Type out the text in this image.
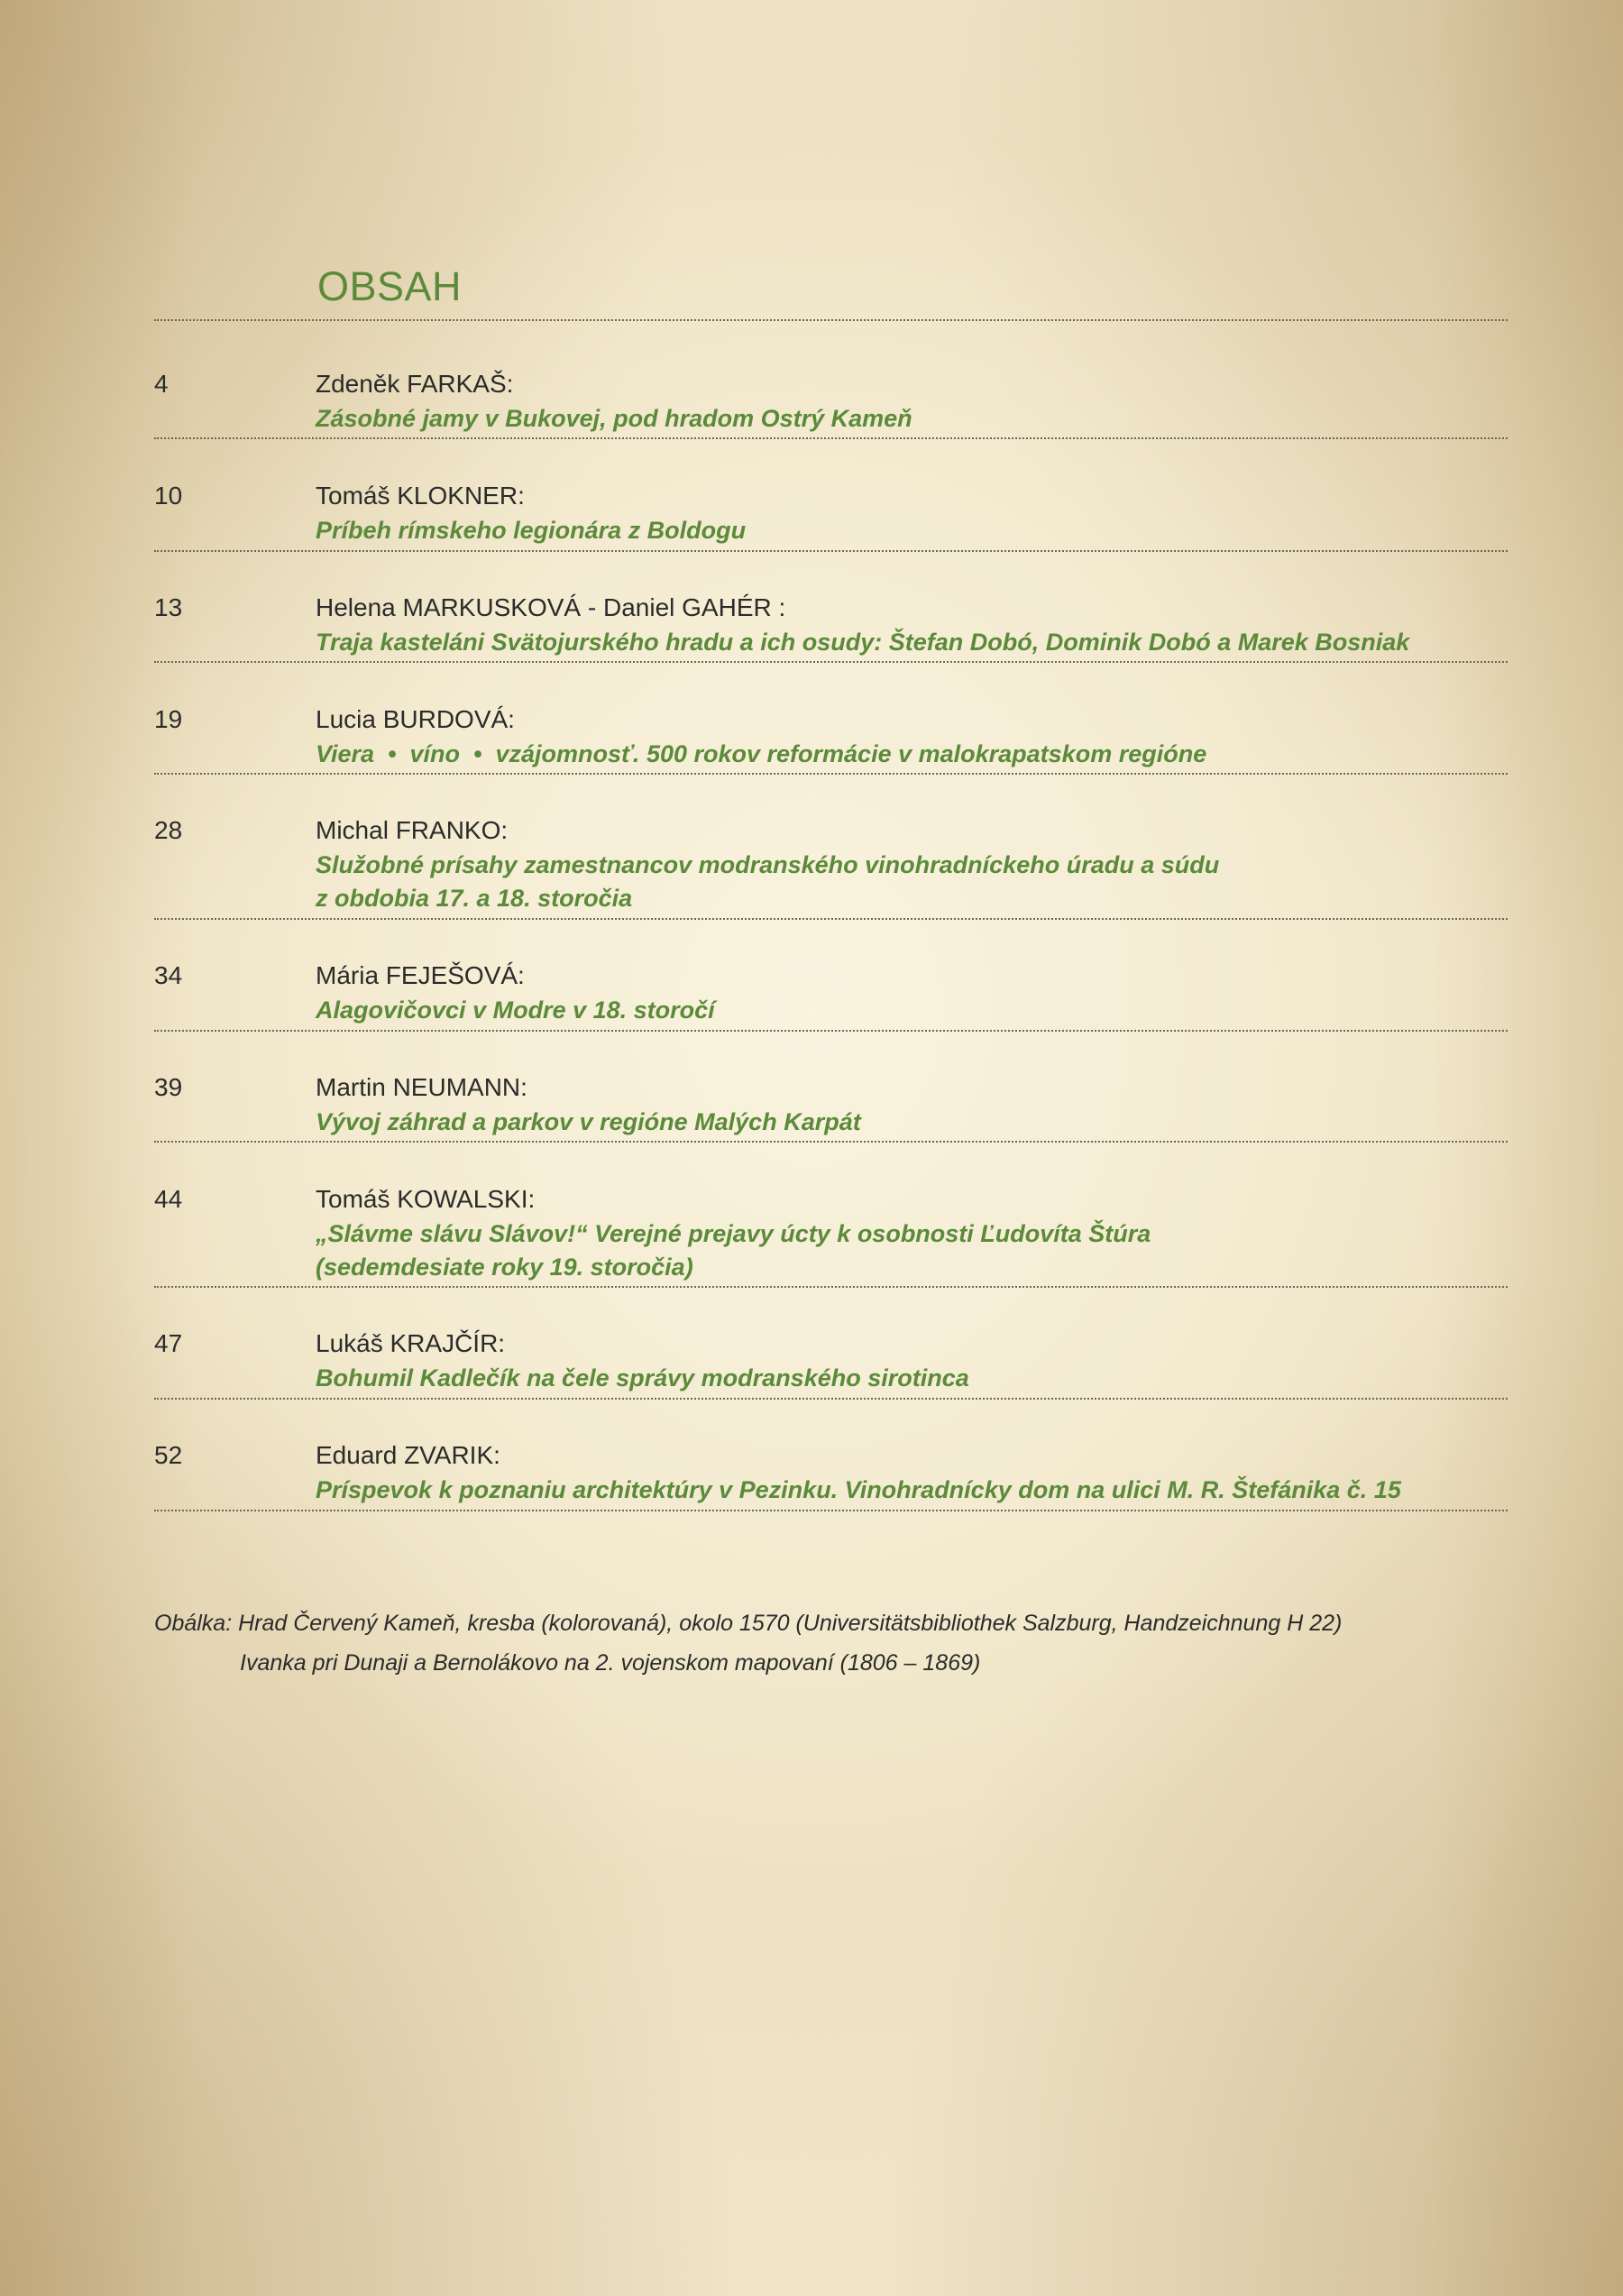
OBSAH
4	Zdeněk FARKAŠ:
Zásobné jamy v Bukovej, pod hradom Ostrý Kameň
10	Tomáš KLOKNER:
Príbeh rímskeho legionára z Boldogu
13	Helena MARKUSKOVÁ - Daniel GAHÉR :
Traja kasteláni Svätojurského hradu a ich osudy: Štefan Dobó, Dominik Dobó a Marek Bosniak
19	Lucia BURDOVÁ:
Viera  •  víno  •  vzájomnosť. 500 rokov reformácie v malokrapatskom regióne
28	Michal FRANKO:
Služobné prísahy zamestnancov modranského vinohradníckeho úradu a súdu
z obdobia 17. a 18. storočia
34	Mária FEJEŠOVÁ:
Alagovičovci v Modre v 18. storočí
39	Martin NEUMANN:
Vývoj záhrad a parkov v regióne Malých Karpát
44	Tomáš KOWALSKI:
„Slávme slávu Slávov!“ Verejné prejavy úcty k osobnosti Ľudovíta Štúra
(sedemdesiate roky 19. storočia)
47	Lukáš KRAJČÍR:
Bohumil Kadlečík na čele správy modranského sirotinca
52	Eduard ZVARIK:
Príspevok k poznaniu architektúry v Pezinku. Vinohradnícky dom na ulici M. R. Štefánika č. 15
Obálka: Hrad Červený Kameň, kresba (kolorovaná), okolo 1570 (Universitätsbibliothek Salzburg, Handzeichnung H 22)
Ivanka pri Dunaji a Bernolákovo na 2. vojenskom mapovaní (1806 – 1869)
